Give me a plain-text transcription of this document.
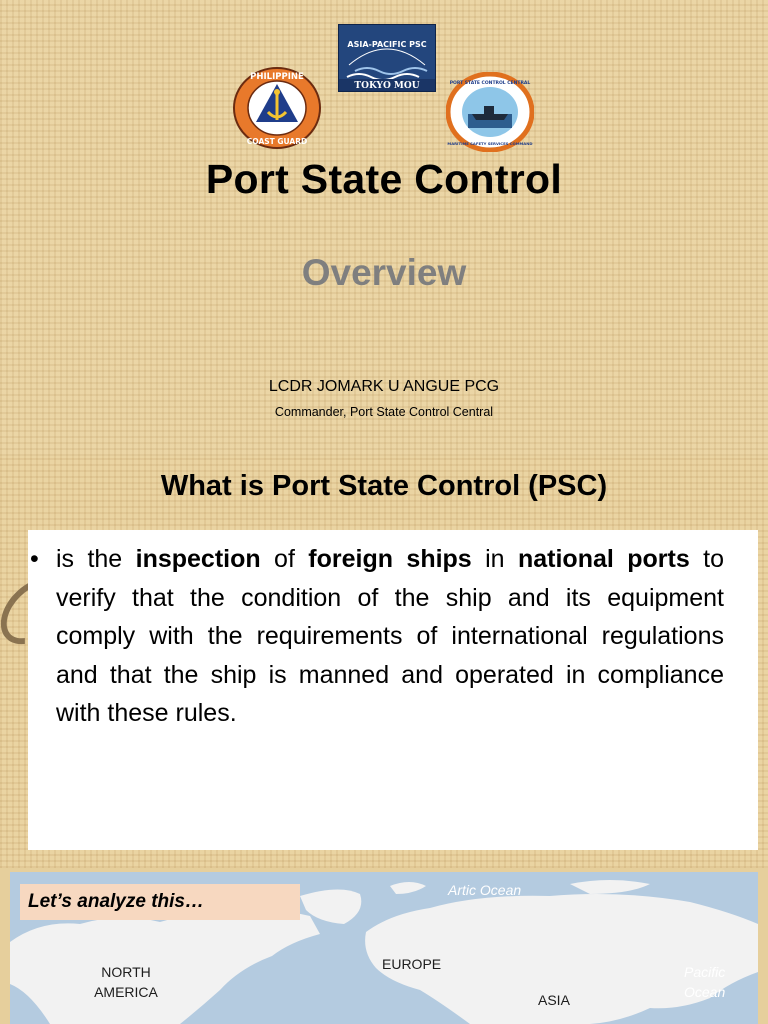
ASIA-PACIFIC PSC
TOKYO MOU
PHILIPPINE
COAST GUARD
PORT STATE CONTROL CENTRAL
MARITIME SAFETY SERVICES COMMAND
Port State Control
Overview
LCDR JOMARK U ANGUE PCG
Commander, Port State Control Central
What is Port State Control (PSC)
• is the inspection of foreign ships in national ports to verify that the condition of the ship and its equipment comply with the requirements of international regulations and that the ship is manned and operated in compliance with these rules.
Let’s analyze this…
NORTH AMERICA
EUROPE
ASIA
Artic Ocean
Pacific Ocean
